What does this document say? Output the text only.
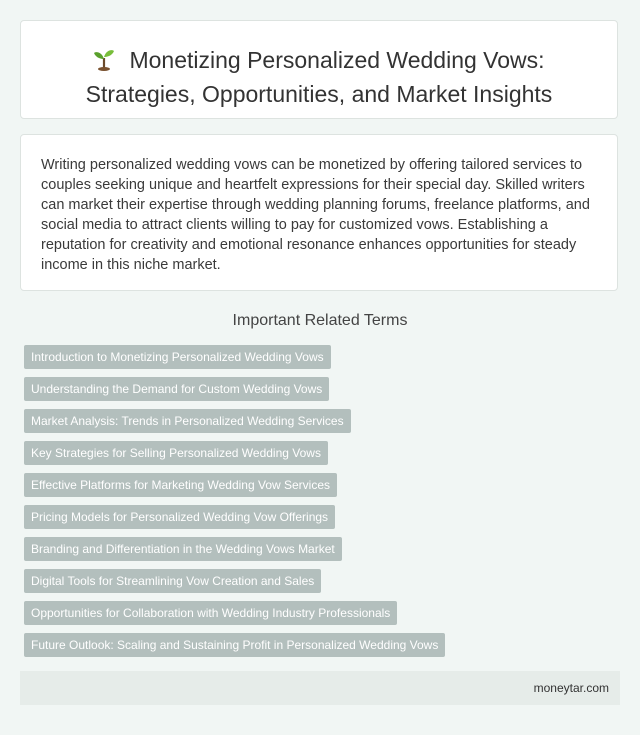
Monetizing Personalized Wedding Vows:
Strategies, Opportunities, and Market Insights

Writing personalized wedding vows can be monetized by offering tailored services to couples seeking unique and heartfelt expressions for their special day. Skilled writers can market their expertise through wedding planning forums, freelance platforms, and social media to attract clients willing to pay for customized vows. Establishing a reputation for creativity and emotional resonance enhances opportunities for steady income in this niche market.

Important Related Terms
Introduction to Monetizing Personalized Wedding Vows
Understanding the Demand for Custom Wedding Vows
Market Analysis: Trends in Personalized Wedding Services
Key Strategies for Selling Personalized Wedding Vows
Effective Platforms for Marketing Wedding Vow Services
Pricing Models for Personalized Wedding Vow Offerings
Branding and Differentiation in the Wedding Vows Market
Digital Tools for Streamlining Vow Creation and Sales
Opportunities for Collaboration with Wedding Industry Professionals
Future Outlook: Scaling and Sustaining Profit in Personalized Wedding Vows
moneytar.com
